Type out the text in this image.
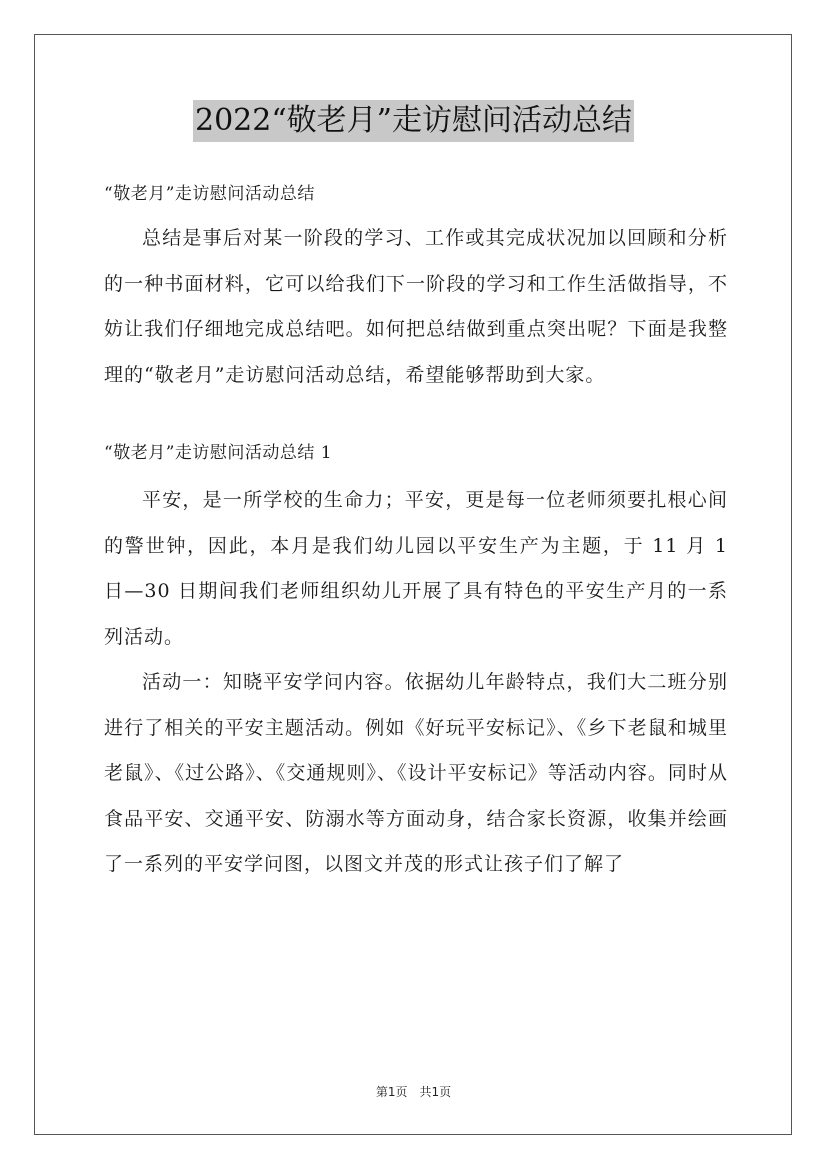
2022“敬老月”走访慰问活动总结

“敬老月”走访慰问活动总结

总结是事后对某一阶段的学习、工作或其完成状况加以回顾和分析的一种书面材料，它可以给我们下一阶段的学习和工作生活做指导，不妨让我们仔细地完成总结吧。如何把总结做到重点突出呢？下面是我整理的“敬老月”走访慰问活动总结，希望能够帮助到大家。

“敬老月”走访慰问活动总结 1

平安，是一所学校的生命力；平安，更是每一位老师须要扎根心间的警世钟，因此，本月是我们幼儿园以平安生产为主题，于 11 月 1 日—30 日期间我们老师组织幼儿开展了具有特色的平安生产月的一系列活动。

活动一：知晓平安学问内容。依据幼儿年龄特点，我们大二班分别进行了相关的平安主题活动。例如《好玩平安标记》、《乡下老鼠和城里老鼠》、《过公路》、《交通规则》、《设计平安标记》等活动内容。同时从食品平安、交通平安、防溺水等方面动身，结合家长资源，收集并绘画了一系列的平安学问图，以图文并茂的形式让孩子们了解了

第1页　共1页
